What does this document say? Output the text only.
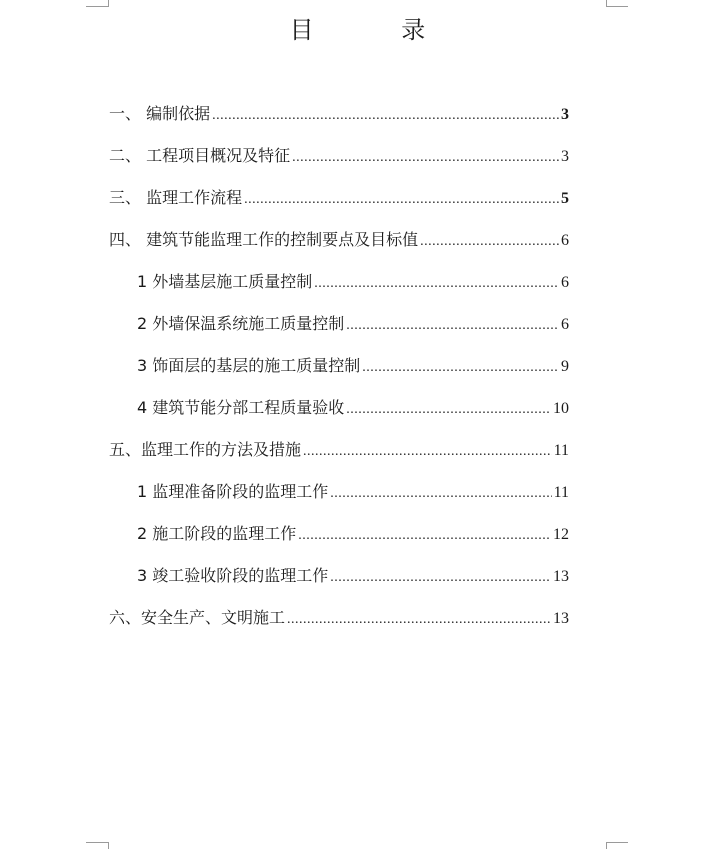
目 录
一、 编制依据 .....	3
二、 工程项目概况及特征 .....	3
三、 监理工作流程 .....	5
四、 建筑节能监理工作的控制要点及目标值 .....	6
1 外墙基层施工质量控制 .....	6
2 外墙保温系统施工质量控制 .....	6
3 饰面层的基层的施工质量控制 .....	9
4 建筑节能分部工程质量验收 .....	10
五、监理工作的方法及措施 .....	11
1 监理准备阶段的监理工作 .....	11
2 施工阶段的监理工作 .....	12
3 竣工验收阶段的监理工作 .....	13
六、安全生产、文明施工 .....	13
